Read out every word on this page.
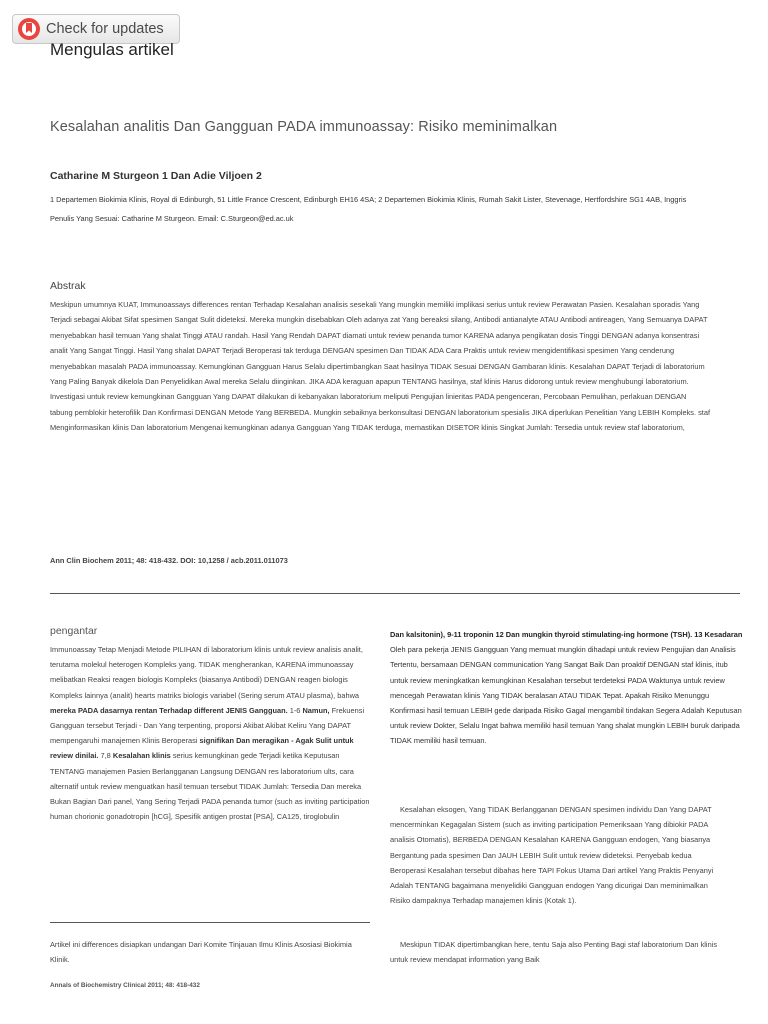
Check for updates
Mengulas artikel
Kesalahan analitis Dan Gangguan PADA immunoassay: Risiko meminimalkan
Catharine M Sturgeon 1 Dan Adie Viljoen 2
1 Departemen Biokimia Klinis, Royal di Edinburgh, 51 Little France Crescent, Edinburgh EH16 4SA; 2 Departemen Biokimia Klinis, Rumah Sakit Lister, Stevenage, Hertfordshire SG1 4AB, Inggris Penulis Yang Sesuai: Catharine M Sturgeon. Email: C.Sturgeon@ed.ac.uk
Abstrak
Meskipun umumnya KUAT, Immunoassays differences rentan Terhadap Kesalahan analisis sesekali Yang mungkin memiliki implikasi serius untuk review Perawatan Pasien. Kesalahan sporadis Yang Terjadi sebagai Akibat Sifat spesimen Sangat Sulit dideteksi. Mereka mungkin disebabkan Oleh adanya zat Yang bereaksi silang, Antibodi antianalyte ATAU Antibodi antireagen, Yang Semuanya DAPAT menyebabkan hasil temuan Yang shalat Tinggi ATAU randah. Hasil Yang Rendah DAPAT diamati untuk review penanda tumor KARENA adanya pengikatan dosis Tinggi DENGAN adanya konsentrasi analit Yang Sangat Tinggi. Hasil Yang shalat DAPAT Terjadi Beroperasi tak terduga DENGAN spesimen Dan TIDAK ADA Cara Praktis untuk review mengidentifikasi spesimen Yang cenderung menyebabkan masalah PADA immunoassay. Kemungkinan Gangguan Harus Selalu dipertimbangkan Saat hasilnya TIDAK Sesuai DENGAN Gambaran klinis. Kesalahan DAPAT Terjadi di laboratorium Yang Paling Banyak dikelola Dan Penyelidikan Awal mereka Selalu diinginkan. JIKA ADA keraguan apapun TENTANG hasilnya, staf klinis Harus didorong untuk review menghubungi laboratorium. Investigasi untuk review kemungkinan Gangguan Yang DAPAT dilakukan di kebanyakan laboratorium meliputi Pengujian linieritas PADA pengenceran, Percobaan Pemulihan, perlakuan DENGAN tabung pemblokir heterofilik Dan Konfirmasi DENGAN Metode Yang BERBEDA. Mungkin sebaiknya berkonsultasi DENGAN laboratorium spesialis JIKA diperlukan Penelitian Yang LEBIH Kompleks. staf Menginformasikan klinis Dan laboratorium Mengenai kemungkinan adanya Gangguan Yang TIDAK terduga, memastikan DISETOR klinis Singkat Jumlah: Tersedia untuk review staf laboratorium,
Ann Clin Biochem 2011; 48: 418-432. DOI: 10,1258 / acb.2011.011073
pengantar
Immunoassay Tetap Menjadi Metode PILIHAN di laboratorium klinis untuk review analisis analit, terutama molekul heterogen Kompleks yang. TIDAK mengherankan, KARENA immunoassay melibatkan Reaksi reagen biologis Kompleks (biasanya Antibodi) DENGAN reagen biologis Kompleks lainnya (analit) hearts matriks biologis variabel (Sering serum ATAU plasma), bahwa mereka PADA dasarnya rentan Terhadap different JENIS Gangguan. 1-6 Namun, Frekuensi Gangguan tersebut Terjadi - Dan Yang terpenting, proporsi Akibat Akibat Keliru Yang DAPAT mempengaruhi manajemen Klinis Beroperasi signifikan Dan meragikan - Agak Sulit untuk review dinilai. 7,8 Kesalahan klinis serius kemungkinan gede Terjadi ketika Keputusan TENTANG manajemen Pasien Berlangganan Langsung DENGAN res laboratorium ults, cara alternatif untuk review menguatkan hasil temuan tersebut TIDAK Jumlah: Tersedia Dan mereka Bukan Bagian Dari panel, Yang Sering Terjadi PADA penanda tumor (such as inviting participation human chorionic gonadotropin [hCG], Spesifik antigen prostat [PSA], CA125, tiroglobulin
Dan kalsitonin), 9-11 troponin 12 Dan mungkin thyroid stimulating-ing hormone (TSH). 13 Kesadaran Oleh para pekerja JENIS Gangguan Yang memuat mungkin dihadapi untuk review Pengujian dan Analisis Tertentu, bersamaan DENGAN communication Yang Sangat Baik Dan proaktif DENGAN staf klinis, itub untuk review meningkatkan kemungkinan Kesalahan tersebut terdeteksi PADA Waktunya untuk review mencegah Perawatan klinis Yang TIDAK beralasan ATAU TIDAK Tepat. Apakah Risiko Menunggu Konfirmasi hasil temuan LEBIH gede daripada Risiko Gagal mengambil tindakan Segera Adalah Keputusan untuk review Dokter, Selalu Ingat bahwa memiliki hasil temuan Yang shalat mungkin LEBIH buruk daripada TIDAK memiliki hasil temuan.
Kesalahan eksogen, Yang TIDAK Berlangganan DENGAN spesimen individu Dan Yang DAPAT mencerminkan Kegagalan Sistem (such as inviting participation Pemeriksaan Yang dibiokir PADA analisis Otomatis), BERBEDA DENGAN Kesalahan KARENA Gangguan endogen, Yang biasanya Bergantung pada spesimen Dan JAUH LEBIH Sulit untuk review dideteksi. Penyebab kedua Beroperasi Kesalahan tersebut dibahas here TAPI Fokus Utama Dari artikel Yang Praktis Penyanyi Adalah TENTANG bagaimana menyelidiki Gangguan endogen Yang dicurigai Dan meminimalkan Risiko dampaknya Terhadap manajemen klinis (Kotak 1).
Artikel ini differences disiapkan undangan Dari Komite Tinjauan Ilmu Klinis Asosiasi Biokimia Klinik.
Meskipun TIDAK dipertimbangkan here, tentu Saja also Penting Bagi staf laboratorium Dan klinis untuk review mendapat information yang Baik
Annals of Biochemistry Clinical 2011; 48: 418-432
